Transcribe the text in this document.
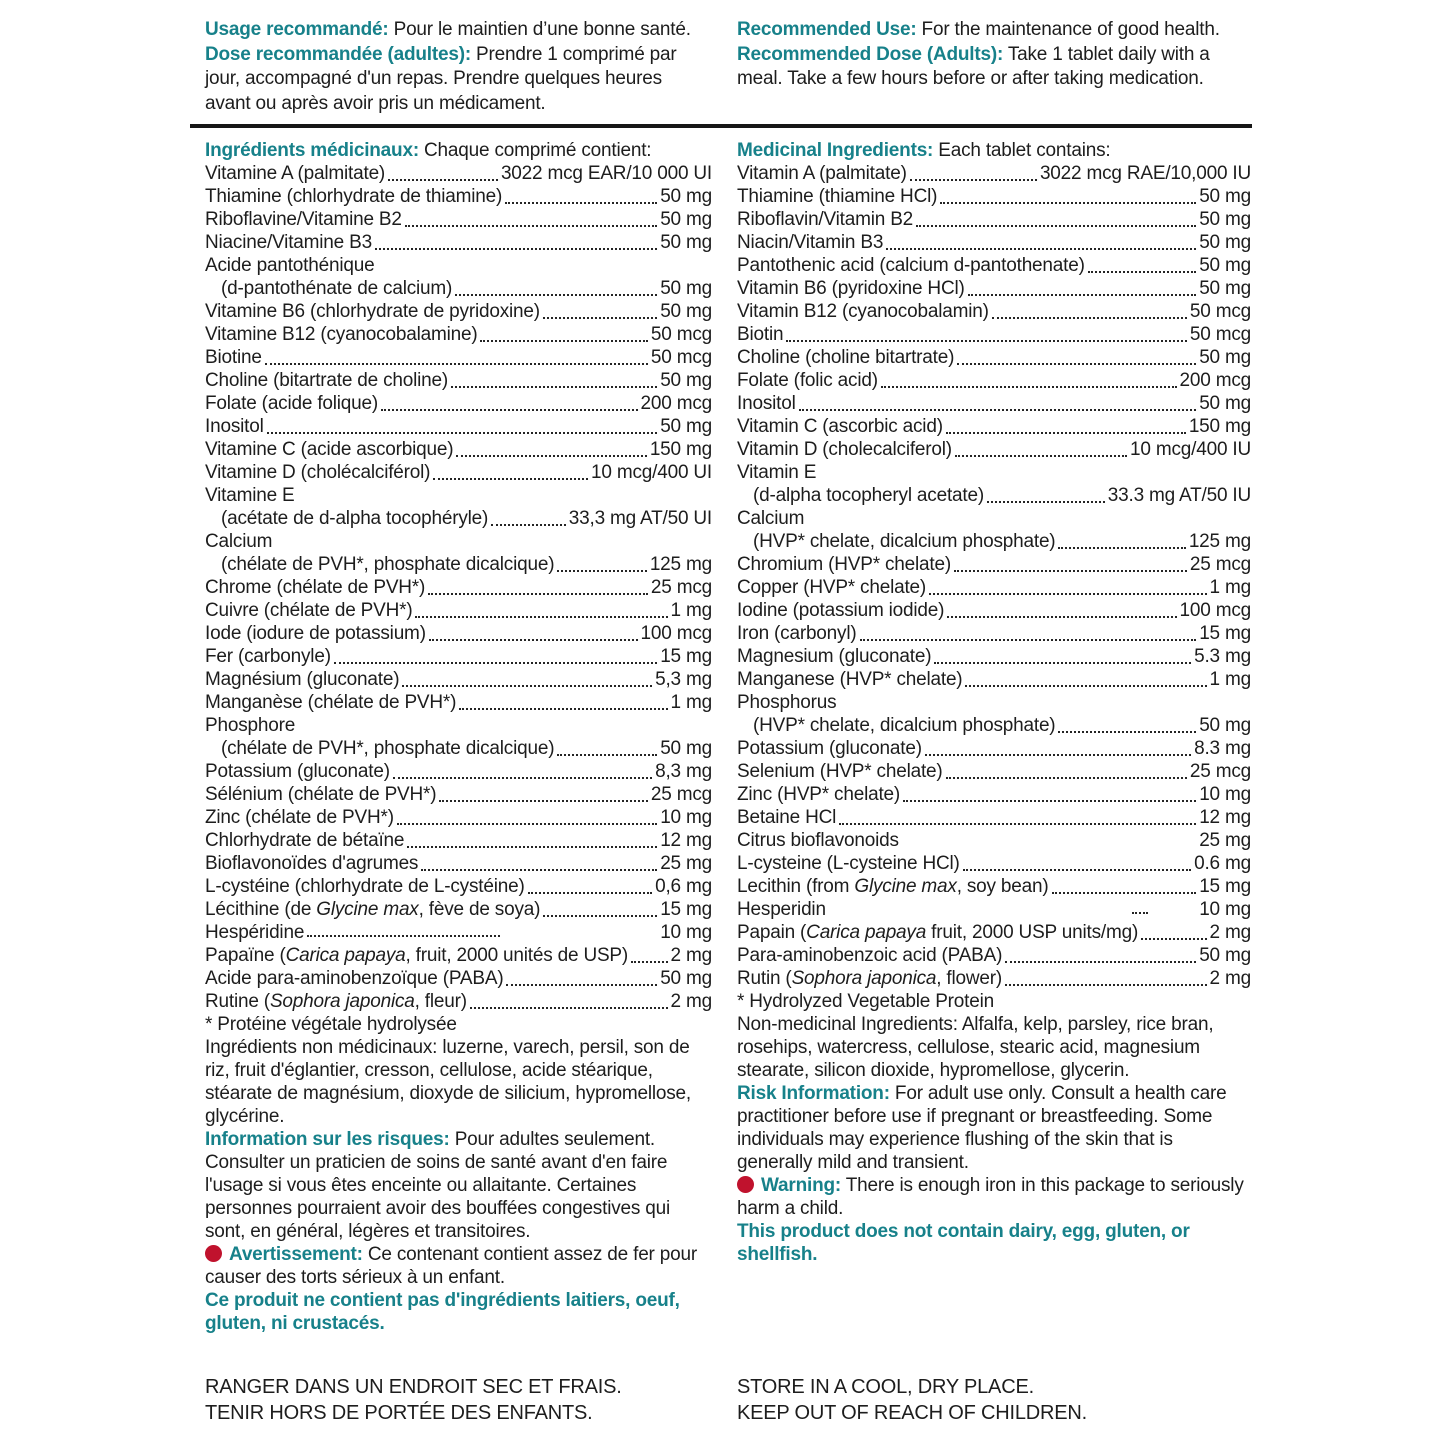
Usage recommandé: Pour le maintien d’une bonne santé.
Dose recommandée (adultes): Prendre 1 comprimé par jour, accompagné d'un repas. Prendre quelques heures avant ou après avoir pris un médicament.
Recommended Use: For the maintenance of good health.
Recommended Dose (Adults): Take 1 tablet daily with a meal. Take a few hours before or after taking medication.

Ingrédients médicinaux: Chaque comprimé contient:

Vitamine A (palmitate)	3022 mcg EAR/10 000 UI
Thiamine (chlorhydrate de thiamine)	50 mg
Riboflavine/Vitamine B2	50 mg
Niacine/Vitamine B3	50 mg
Acide pantothénique
(d-pantothénate de calcium)	50 mg
Vitamine B6 (chlorhydrate de pyridoxine)	50 mg
Vitamine B12 (cyanocobalamine)	50 mcg
Biotine	50 mcg
Choline (bitartrate de choline)	50 mg
Folate (acide folique)	200 mcg
Inositol	50 mg
Vitamine C (acide ascorbique)	150 mg
Vitamine D (cholécalciférol)	10 mcg/400 UI
Vitamine E
(acétate de d-alpha tocophéryle)	33,3 mg AT/50 UI
Calcium
(chélate de PVH*, phosphate dicalcique)	125 mg
Chrome (chélate de PVH*)	25 mcg
Cuivre (chélate de PVH*)	1 mg
Iode (iodure de potassium)	100 mcg
Fer (carbonyle)	15 mg
Magnésium (gluconate)	5,3 mg
Manganèse (chélate de PVH*)	1 mg
Phosphore
(chélate de PVH*, phosphate dicalcique)	50 mg
Potassium (gluconate)	8,3 mg
Sélénium (chélate de PVH*)	25 mcg
Zinc (chélate de PVH*)	10 mg
Chlorhydrate de bétaïne	12 mg
Bioflavonoïdes d'agrumes	25 mg
L-cystéine (chlorhydrate de L-cystéine)	0,6 mg
Lécithine (de Glycine max, fève de soya)	15 mg
Hespéridine	10 mg
Papaïne (Carica papaya, fruit, 2000 unités de USP) 2 mg
Acide para-aminobenzoïque (PABA)	50 mg
Rutine (Sophora japonica, fleur)	2 mg
* Protéine végétale hydrolysée

Ingrédients non médicinaux: luzerne, varech, persil, son de riz, fruit d'églantier, cresson, cellulose, acide stéarique, stéarate de magnésium, dioxyde de silicium, hypromellose, glycérine.

Information sur les risques: Pour adultes seulement. Consulter un praticien de soins de santé avant d'en faire l'usage si vous êtes enceinte ou allaitante. Certaines personnes pourraient avoir des bouffées congestives qui sont, en général, légères et transitoires.

Avertissement: Ce contenant contient assez de fer pour causer des torts sérieux à un enfant.

Ce produit ne contient pas d'ingrédients laitiers, oeuf, gluten, ni crustacés.

Medicinal Ingredients: Each tablet contains:

Vitamin A (palmitate)	3022 mcg RAE/10,000 IU
Thiamine (thiamine HCl)	50 mg
Riboflavin/Vitamin B2	50 mg
Niacin/Vitamin B3	50 mg
Pantothenic acid (calcium d-pantothenate)	50 mg
Vitamin B6 (pyridoxine HCl)	50 mg
Vitamin B12 (cyanocobalamin)	50 mcg
Biotin	50 mcg
Choline (choline bitartrate)	50 mg
Folate (folic acid)	200 mcg
Inositol	50 mg
Vitamin C (ascorbic acid)	150 mg
Vitamin D (cholecalciferol)	10 mcg/400 IU
Vitamin E
(d-alpha tocopheryl acetate)	33.3 mg AT/50 IU
Calcium
(HVP* chelate, dicalcium phosphate)	125 mg
Chromium (HVP* chelate)	25 mcg
Copper (HVP* chelate)	1 mg
Iodine (potassium iodide)	100 mcg
Iron (carbonyl)	15 mg
Magnesium (gluconate)	5.3 mg
Manganese (HVP* chelate)	1 mg
Phosphorus
(HVP* chelate, dicalcium phosphate)	50 mg
Potassium (gluconate)	8.3 mg
Selenium (HVP* chelate)	25 mcg
Zinc (HVP* chelate)	10 mg
Betaine HCl	12 mg
Citrus bioflavonoids	25 mg
L-cysteine (L-cysteine HCl)	0.6 mg
Lecithin (from Glycine max, soy bean)	15 mg
Hesperidin	10 mg
Papain (Carica papaya fruit, 2000 USP units/mg)	2 mg
Para-aminobenzoic acid (PABA)	50 mg
Rutin (Sophora japonica, flower)	2 mg
* Hydrolyzed Vegetable Protein

Non-medicinal Ingredients: Alfalfa, kelp, parsley, rice bran, rosehips, watercress, cellulose, stearic acid, magnesium stearate, silicon dioxide, hypromellose, glycerin.

Risk Information: For adult use only. Consult a health care practitioner before use if pregnant or breastfeeding. Some individuals may experience flushing of the skin that is generally mild and transient.

Warning: There is enough iron in this package to seriously harm a child.

This product does not contain dairy, egg, gluten, or shellfish.

RANGER DANS UN ENDROIT SEC ET FRAIS.
TENIR HORS DE PORTÉE DES ENFANTS.
STORE IN A COOL, DRY PLACE.
KEEP OUT OF REACH OF CHILDREN.
